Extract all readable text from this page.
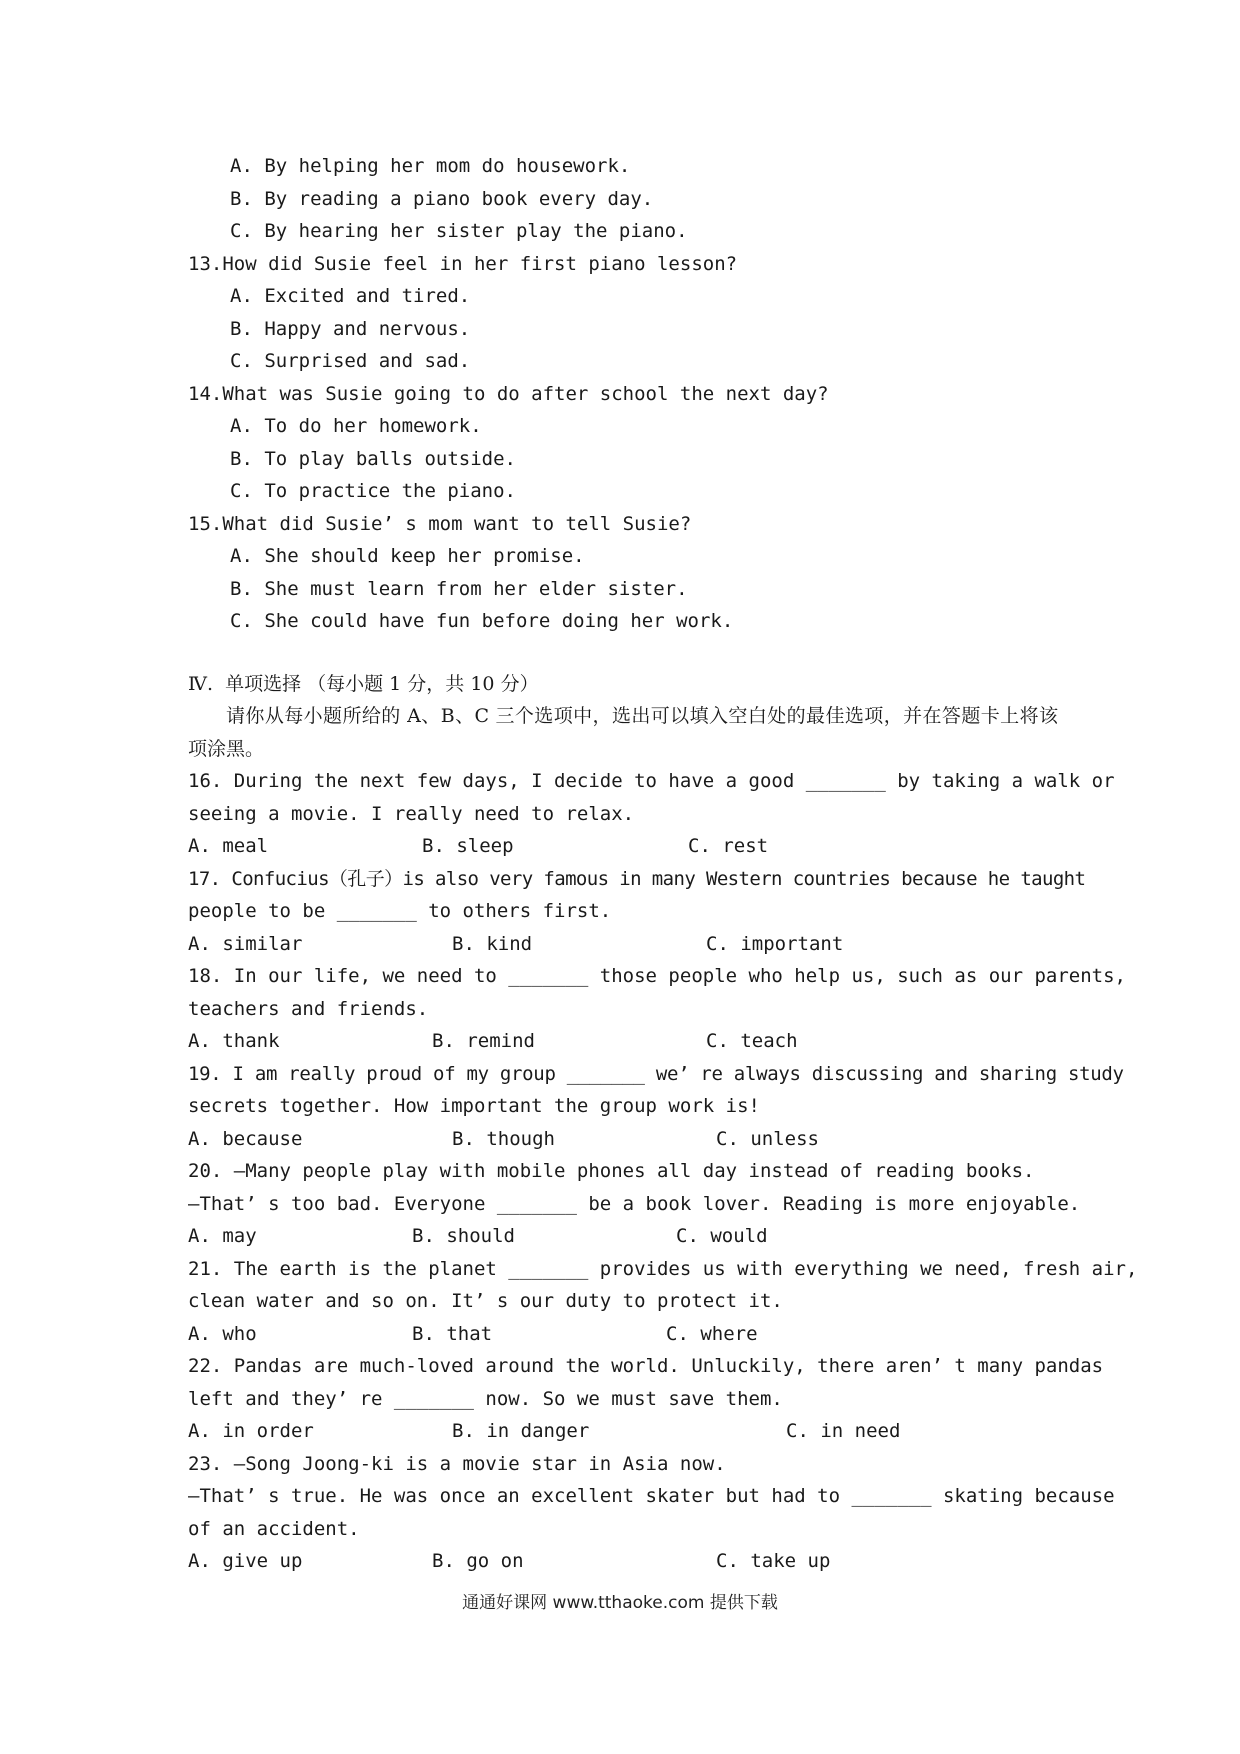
A. By helping her mom do housework.
B. By reading a piano book every day.
C. By hearing her sister play the piano.
13.How did Susie feel in her first piano lesson?
A. Excited and tired.
B. Happy and nervous.
C. Surprised and sad.
14.What was Susie going to do after school the next day?
A. To do her homework.
B. To play balls outside.
C. To practice the piano.
15.What did Susie’ s mom want to tell Susie?
A. She should keep her promise.
B. She must learn from her elder sister.
C. She could have fun before doing her work.
Ⅳ.  单项选择 （每小题 1 分，共 10 分）
请你从每小题所给的 A、B、C 三个选项中，选出可以填入空白处的最佳选项，并在答题卡上将该项涂黑。
16. During the next few days, I decide to have a good _______ by taking a walk or
seeing a movie. I really need to relax.
A. meal	B. sleep	C. rest
17. Confucius（孔子）is also very famous in many Western countries because he taught
people to be _______ to others first.
A. similar	B. kind	C. important
18. In our life, we need to _______ those people who help us, such as our parents,
teachers and friends.
A. thank	B. remind	C. teach
19. I am really proud of my group _______ we’ re always discussing and sharing study
secrets together. How important the group work is!
A. because	B. though	C. unless
20. —Many people play with mobile phones all day instead of reading books.
—That’ s too bad. Everyone _______ be a book lover. Reading is more enjoyable.
A. may	B. should	C. would
21. The earth is the planet _______ provides us with everything we need, fresh air,
clean water and so on. It’ s our duty to protect it.
A. who	B. that	C. where
22. Pandas are much-loved around the world. Unluckily, there aren’ t many pandas
left and they’ re _______ now. So we must save them.
A. in order	B. in danger	C. in need
23. —Song Joong-ki is a movie star in Asia now.
—That’ s true. He was once an excellent skater but had to _______ skating because
of an accident.
A. give up	B. go on	C. take up
通通好课网 www.tthaoke.com 提供下载
